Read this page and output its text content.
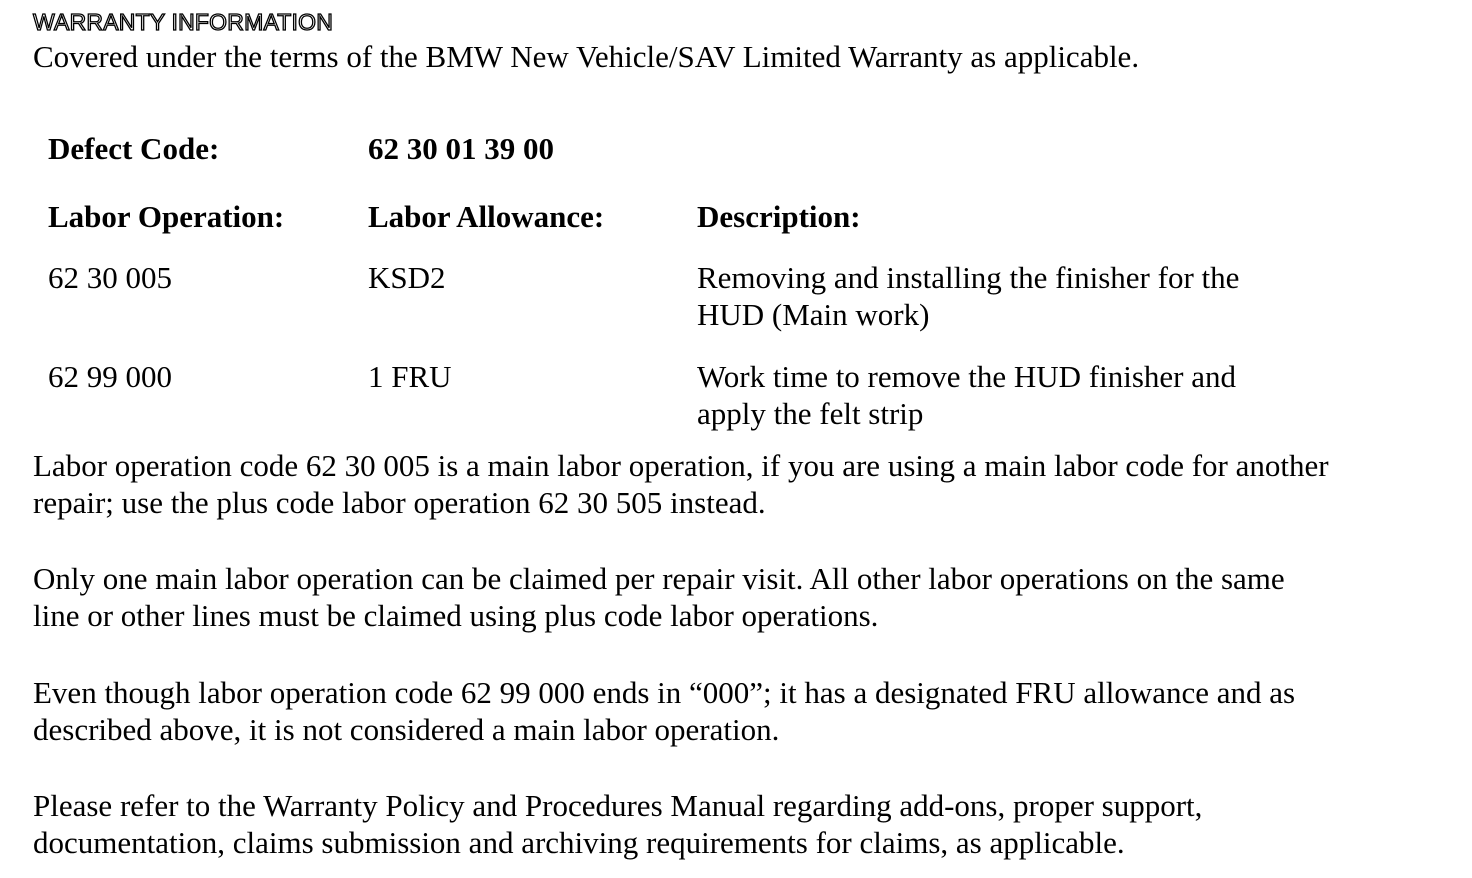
WARRANTY INFORMATION
Covered under the terms of the BMW New Vehicle/SAV Limited Warranty as applicable.
Defect Code:	62 30 01 39 00
Labor Operation:	Labor Allowance:	Description:
62 30 005	KSD2	Removing and installing the finisher for the
HUD (Main work)
62 99 000	1 FRU	Work time to remove the HUD finisher and
apply the felt strip
Labor operation code 62 30 005 is a main labor operation, if you are using a main labor code for another
repair; use the plus code labor operation 62 30 505 instead.
Only one main labor operation can be claimed per repair visit. All other labor operations on the same
line or other lines must be claimed using plus code labor operations.
Even though labor operation code 62 99 000 ends in “000”; it has a designated FRU allowance and as
described above, it is not considered a main labor operation.
Please refer to the Warranty Policy and Procedures Manual regarding add-ons, proper support,
documentation, claims submission and archiving requirements for claims, as applicable.
